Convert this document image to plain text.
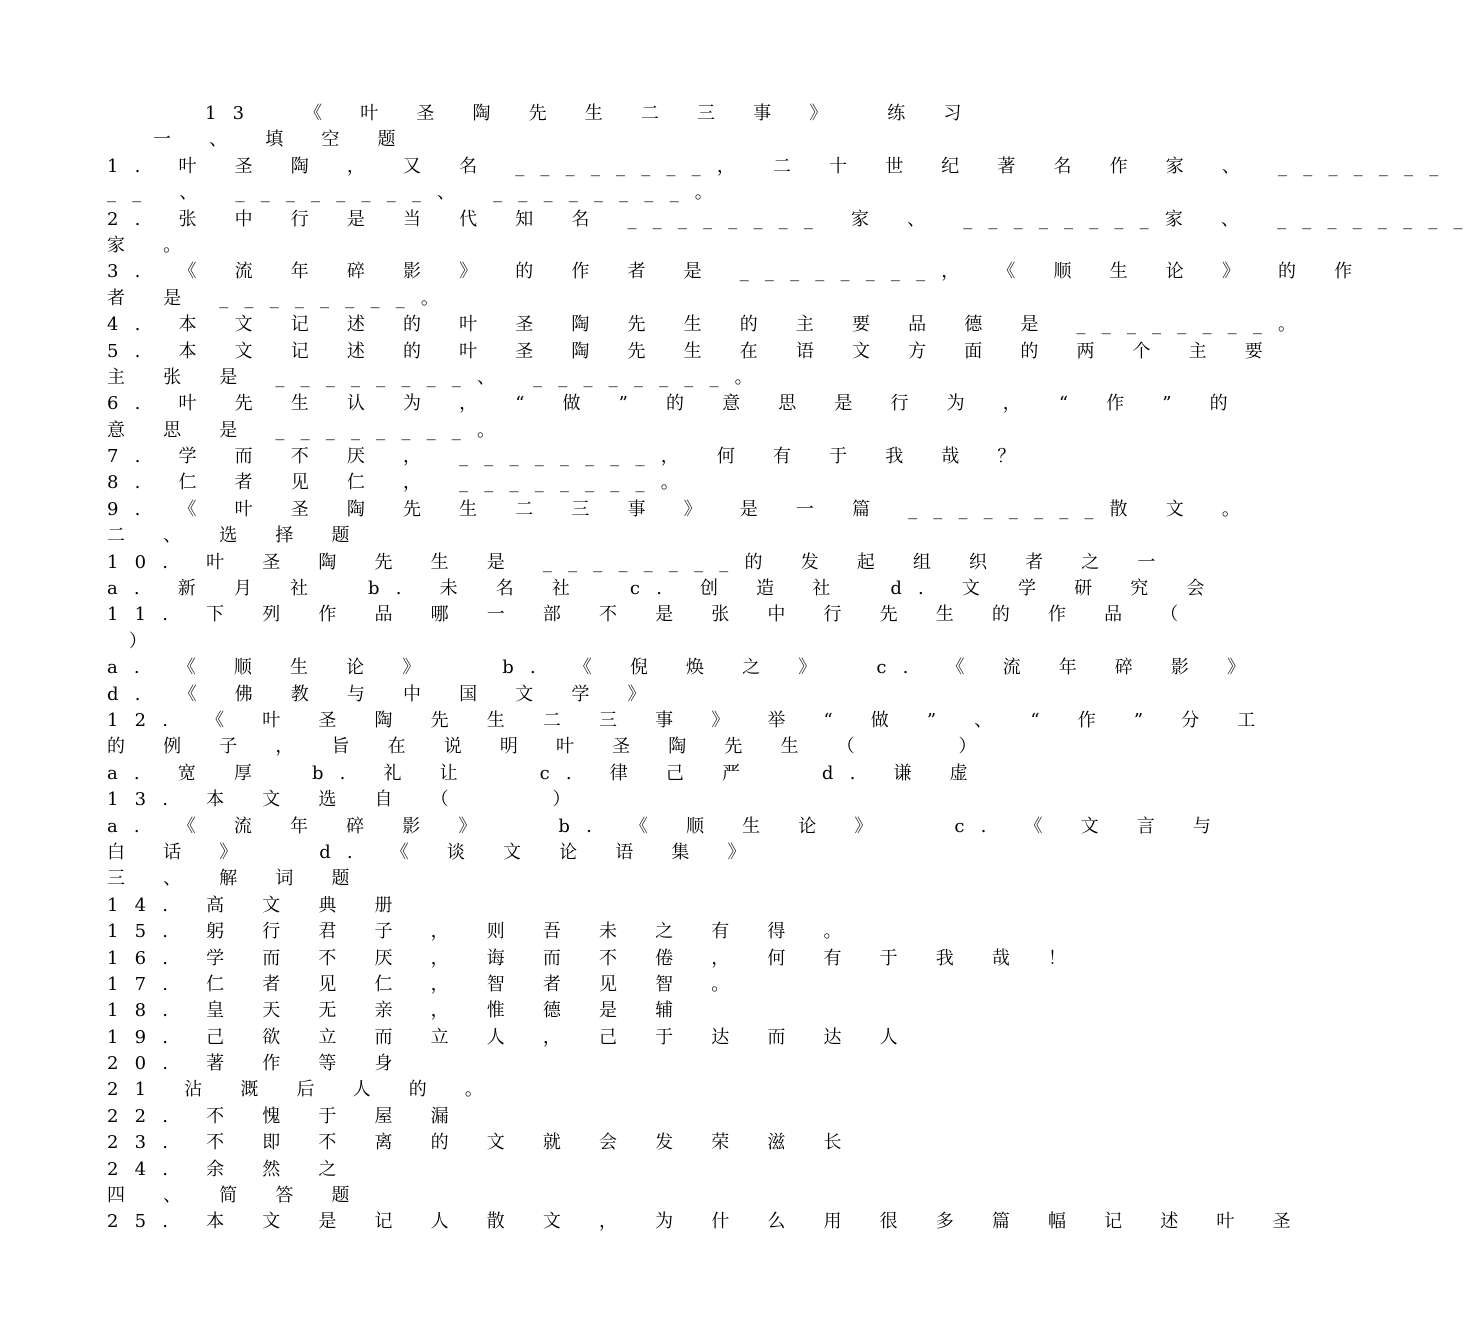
13  《 叶 圣 陶 先 生 二 三 事 》  练 习
一 、 填 空 题
1. 叶 圣 陶 ， 又 名 ________， 二 十 世 纪 著 名 作 家 、 _______
__ 、 ________、 ________。
2. 张 中 行 是 当 代 知 名 ________ 家 、 ________家 、 ________
家 。
3. 《 流 年 碎 影 》 的 作 者 是 ________， 《 顺 生 论 》 的 作
者 是 ________。
4. 本 文 记 述 的 叶 圣 陶 先 生 的 主 要 品 德 是 ________。
5. 本 文 记 述 的 叶 圣 陶 先 生 在 语 文 方 面 的 两 个 主 要
主 张 是 ________、 ________。
6. 叶 先 生 认 为 ， “ 做 ” 的 意 思 是 行 为 ， “ 作 ” 的
意 思 是 ________。
7. 学 而 不 厌 ， ________， 何 有 于 我 哉 ？
8. 仁 者 见 仁 ， ________。
9. 《 叶 圣 陶 先 生 二 三 事 》 是 一 篇 ________散 文 。
二 、 选 择 题
10. 叶 圣 陶 先 生 是 ________的 发 起 组 织 者 之 一
a. 新 月 社  b. 未 名 社  c. 创 造 社  d. 文 学 研 究 会
11. 下 列 作 品 哪 一 部 不 是 张 中 行 先 生 的 作 品 （
）
a. 《 顺 生 论 》   b. 《 倪 焕 之 》  c. 《 流 年 碎 影 》
d. 《 佛 教 与 中 国 文 学 》
12. 《 叶 圣 陶 先 生 二 三 事 》 举 “ 做 ” 、 “ 作 ” 分 工
的 例 子 ， 旨 在 说 明 叶 圣 陶 先 生 （    ）
a. 宽 厚  b. 礼 让   c. 律 己 严   d. 谦 虚
13. 本 文 选 自 （    ）
a. 《 流 年 碎 影 》   b. 《 顺 生 论 》   c. 《 文 言 与
白 话 》   d. 《 谈 文 论 语 集 》
三 、 解 词 题
14. 高 文 典 册
15. 躬 行 君 子 ， 则 吾 未 之 有 得 。
16. 学 而 不 厌 ， 诲 而 不 倦 ， 何 有 于 我 哉 ！
17. 仁 者 见 仁 ， 智 者 见 智 。
18. 皇 天 无 亲 ， 惟 德 是 辅
19. 己 欲 立 而 立 人 ， 己 于 达 而 达 人
20. 著 作 等 身
21 沾 溉 后 人 的 。
22. 不 愧 于 屋 漏
23. 不 即 不 离 的 文 就 会 发 荣 滋 长
24. 余 然 之
四 、 简 答 题
25. 本 文 是 记 人 散 文 ， 为 什 么 用 很 多 篇 幅 记 述 叶 圣
